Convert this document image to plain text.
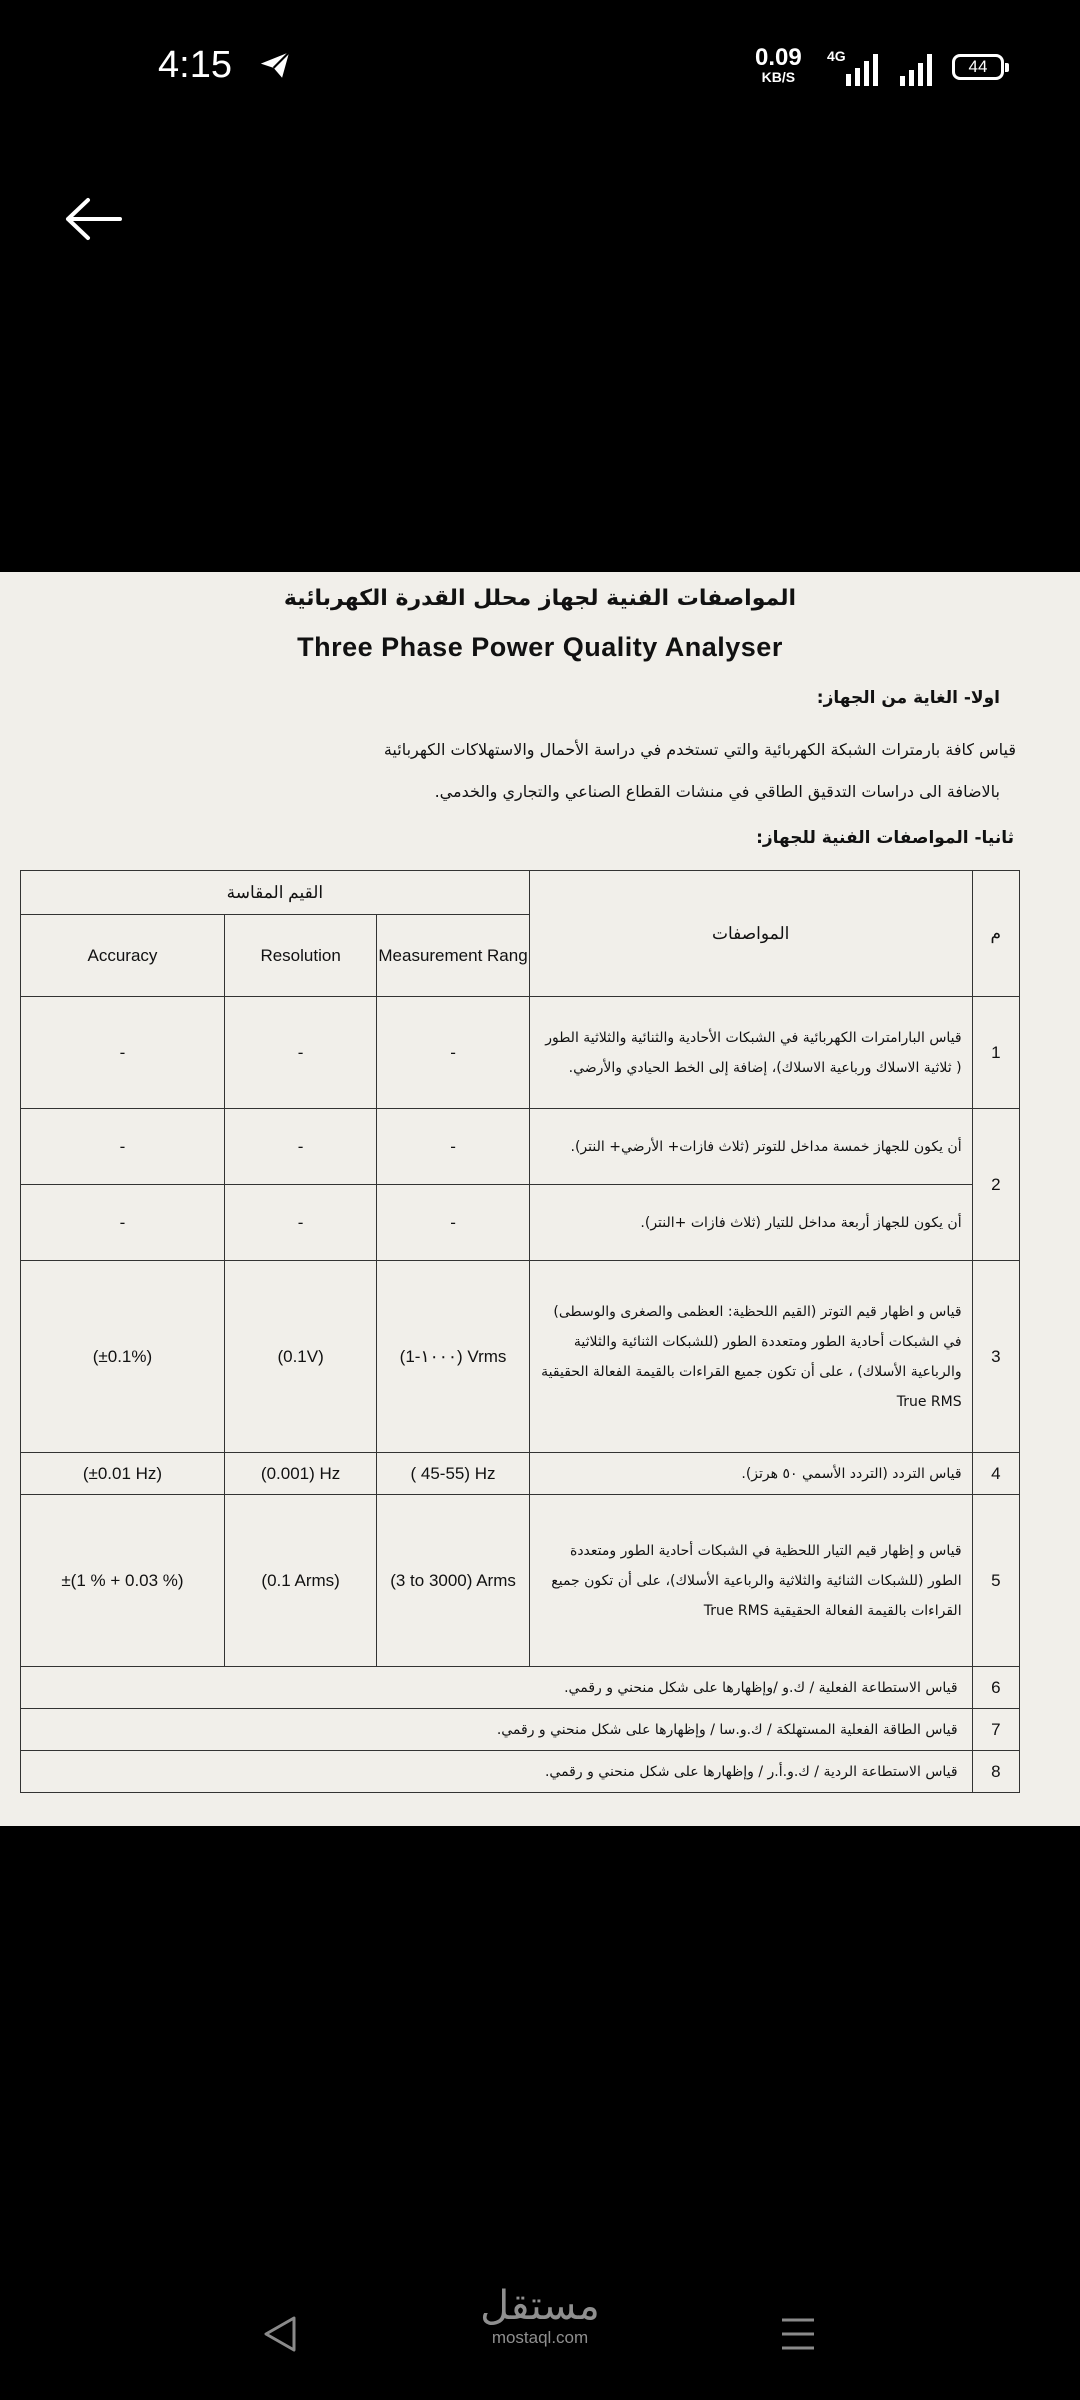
4:15	0.09
KB/S
4G
44
المواصفات الفنية لجهاز محلل القدرة الكهربائية
Three Phase Power Quality Analyser
اولا- الغاية من الجهاز:
قياس كافة بارمترات الشبكة الكهربائية والتي تستخدم في دراسة الأحمال والاستهلاكات الكهربائية
بالاضافة الى دراسات التدقيق الطاقي في منشات القطاع الصناعي والتجاري والخدمي.
ثانيا- المواصفات الفنية للجهاز:
القيم المقاسة			المواصفات	م
Accuracy	Resolution	Measurement Rang		
-	-	-	قياس البارامترات الكهربائية في الشبكات الأحادية والثنائية والثلاثية الطور ( ثلاثية الاسلاك ورباعية الاسلاك)، إضافة إلى الخط الحيادي والأرضي.	1
-	-	-	أن يكون للجهاز خمسة مداخل للتوتر (ثلاث فازات+ الأرضي+ النتر).	2
-	-	-	أن يكون للجهاز أربعة مداخل للتيار (ثلاث فازات +النتر).	
(±0.1%)	(0.1V)	(1-١٠٠٠) Vrms	قياس و اظهار قيم التوتر (القيم اللحظية: العظمى والصغرى والوسطى) في الشبكات أحادية الطور ومتعددة الطور (للشبكات الثنائية والثلاثية والرباعية الأسلاك) ، على أن تكون جميع القراءات بالقيمة الفعالة الحقيقية True RMS	3
(±0.01 Hz)	(0.001) Hz	( 45-55) Hz	قياس التردد (التردد الأسمي ٥٠ هرتز).	4
±(1 % + 0.03 %)	(0.1 Arms)	(3 to 3000) Arms	قياس و إظهار قيم التيار اللحظية في الشبكات أحادية الطور ومتعددة الطور (للشبكات الثنائية والثلاثية والرباعية الأسلاك)، على أن تكون جميع القراءات بالقيمة الفعالة الحقيقية True RMS	5
قياس الاستطاعة الفعلية / ك.و /وإظهارها على شكل منحني و رقمي.				6
قياس الطاقة الفعلية المستهلكة / ك.و.سا / وإظهارها على شكل منحني و رقمي.				7
قياس الاستطاعة الردية / ك.و.أ.ر / وإظهارها على شكل منحني و رقمي.				8
مستقل
mostaql.com
